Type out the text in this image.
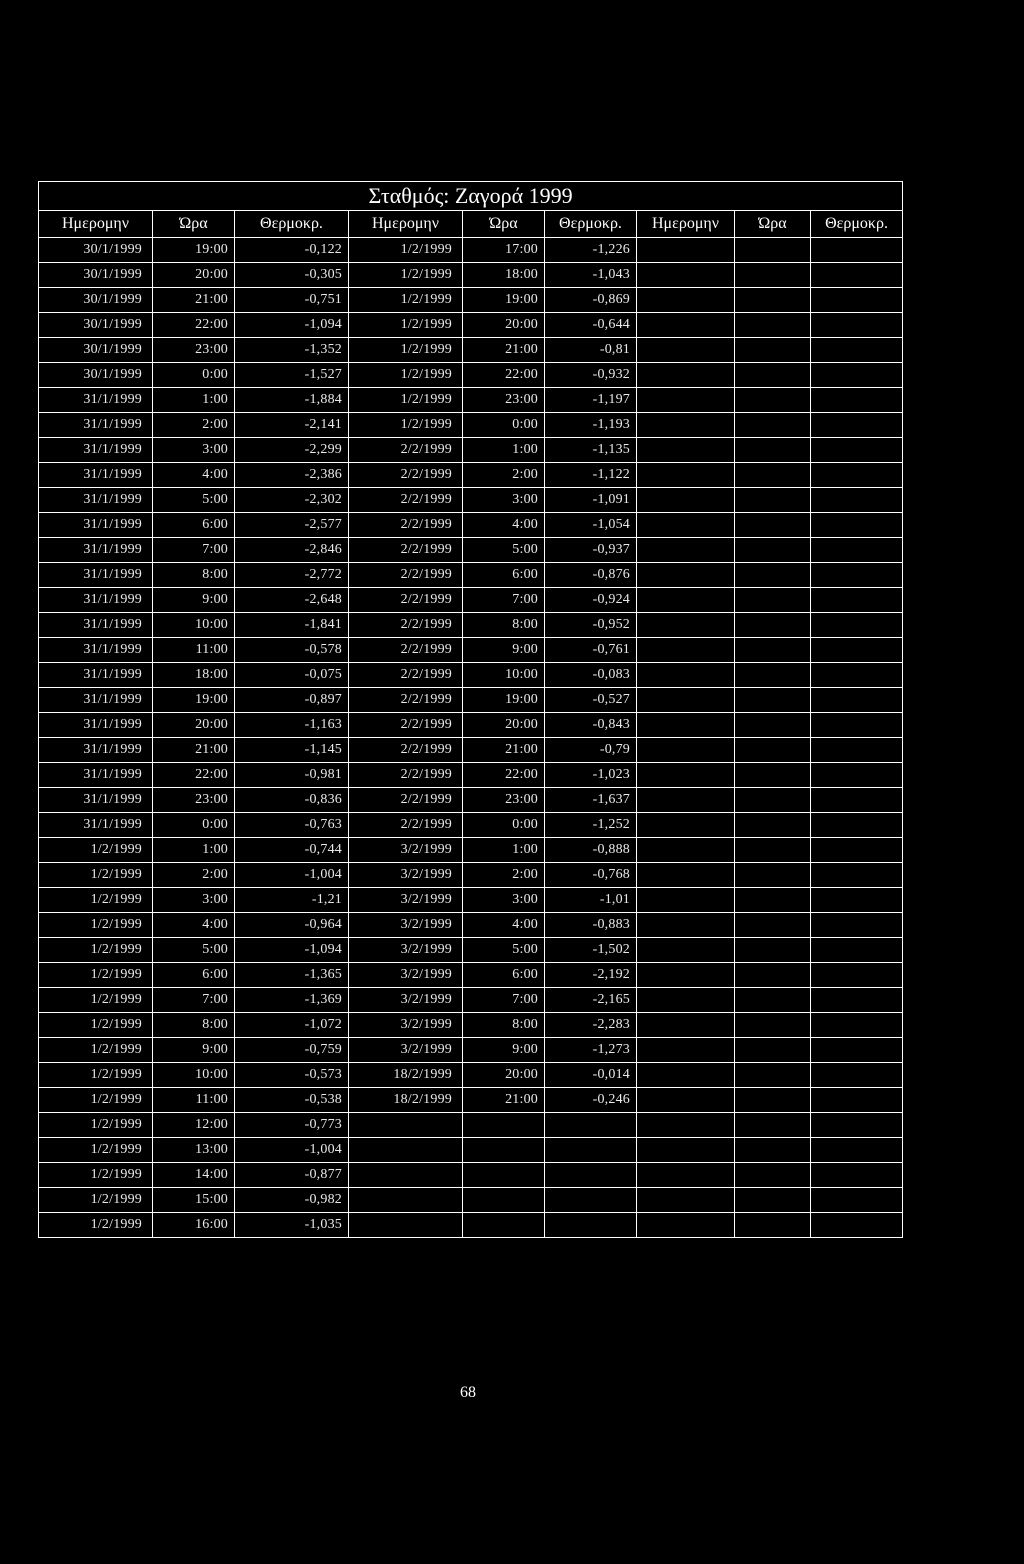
Σταθμός: Ζαγορά 1999								
Ημερομην	Ώρα	Θερμοκρ.	Ημερομην	Ώρα	Θερμοκρ.	Ημερομην	Ώρα	Θερμοκρ.
30/1/1999	19:00	-0,122	1/2/1999	17:00	-1,226			
30/1/1999	20:00	-0,305	1/2/1999	18:00	-1,043			
30/1/1999	21:00	-0,751	1/2/1999	19:00	-0,869			
30/1/1999	22:00	-1,094	1/2/1999	20:00	-0,644			
30/1/1999	23:00	-1,352	1/2/1999	21:00	-0,81			
30/1/1999	0:00	-1,527	1/2/1999	22:00	-0,932			
31/1/1999	1:00	-1,884	1/2/1999	23:00	-1,197			
31/1/1999	2:00	-2,141	1/2/1999	0:00	-1,193			
31/1/1999	3:00	-2,299	2/2/1999	1:00	-1,135			
31/1/1999	4:00	-2,386	2/2/1999	2:00	-1,122			
31/1/1999	5:00	-2,302	2/2/1999	3:00	-1,091			
31/1/1999	6:00	-2,577	2/2/1999	4:00	-1,054			
31/1/1999	7:00	-2,846	2/2/1999	5:00	-0,937			
31/1/1999	8:00	-2,772	2/2/1999	6:00	-0,876			
31/1/1999	9:00	-2,648	2/2/1999	7:00	-0,924			
31/1/1999	10:00	-1,841	2/2/1999	8:00	-0,952			
31/1/1999	11:00	-0,578	2/2/1999	9:00	-0,761			
31/1/1999	18:00	-0,075	2/2/1999	10:00	-0,083			
31/1/1999	19:00	-0,897	2/2/1999	19:00	-0,527			
31/1/1999	20:00	-1,163	2/2/1999	20:00	-0,843			
31/1/1999	21:00	-1,145	2/2/1999	21:00	-0,79			
31/1/1999	22:00	-0,981	2/2/1999	22:00	-1,023			
31/1/1999	23:00	-0,836	2/2/1999	23:00	-1,637			
31/1/1999	0:00	-0,763	2/2/1999	0:00	-1,252			
1/2/1999	1:00	-0,744	3/2/1999	1:00	-0,888			
1/2/1999	2:00	-1,004	3/2/1999	2:00	-0,768			
1/2/1999	3:00	-1,21	3/2/1999	3:00	-1,01			
1/2/1999	4:00	-0,964	3/2/1999	4:00	-0,883			
1/2/1999	5:00	-1,094	3/2/1999	5:00	-1,502			
1/2/1999	6:00	-1,365	3/2/1999	6:00	-2,192			
1/2/1999	7:00	-1,369	3/2/1999	7:00	-2,165			
1/2/1999	8:00	-1,072	3/2/1999	8:00	-2,283			
1/2/1999	9:00	-0,759	3/2/1999	9:00	-1,273			
1/2/1999	10:00	-0,573	18/2/1999	20:00	-0,014			
1/2/1999	11:00	-0,538	18/2/1999	21:00	-0,246			
1/2/1999	12:00	-0,773						
1/2/1999	13:00	-1,004						
1/2/1999	14:00	-0,877						
1/2/1999	15:00	-0,982						
1/2/1999	16:00	-1,035						
68
